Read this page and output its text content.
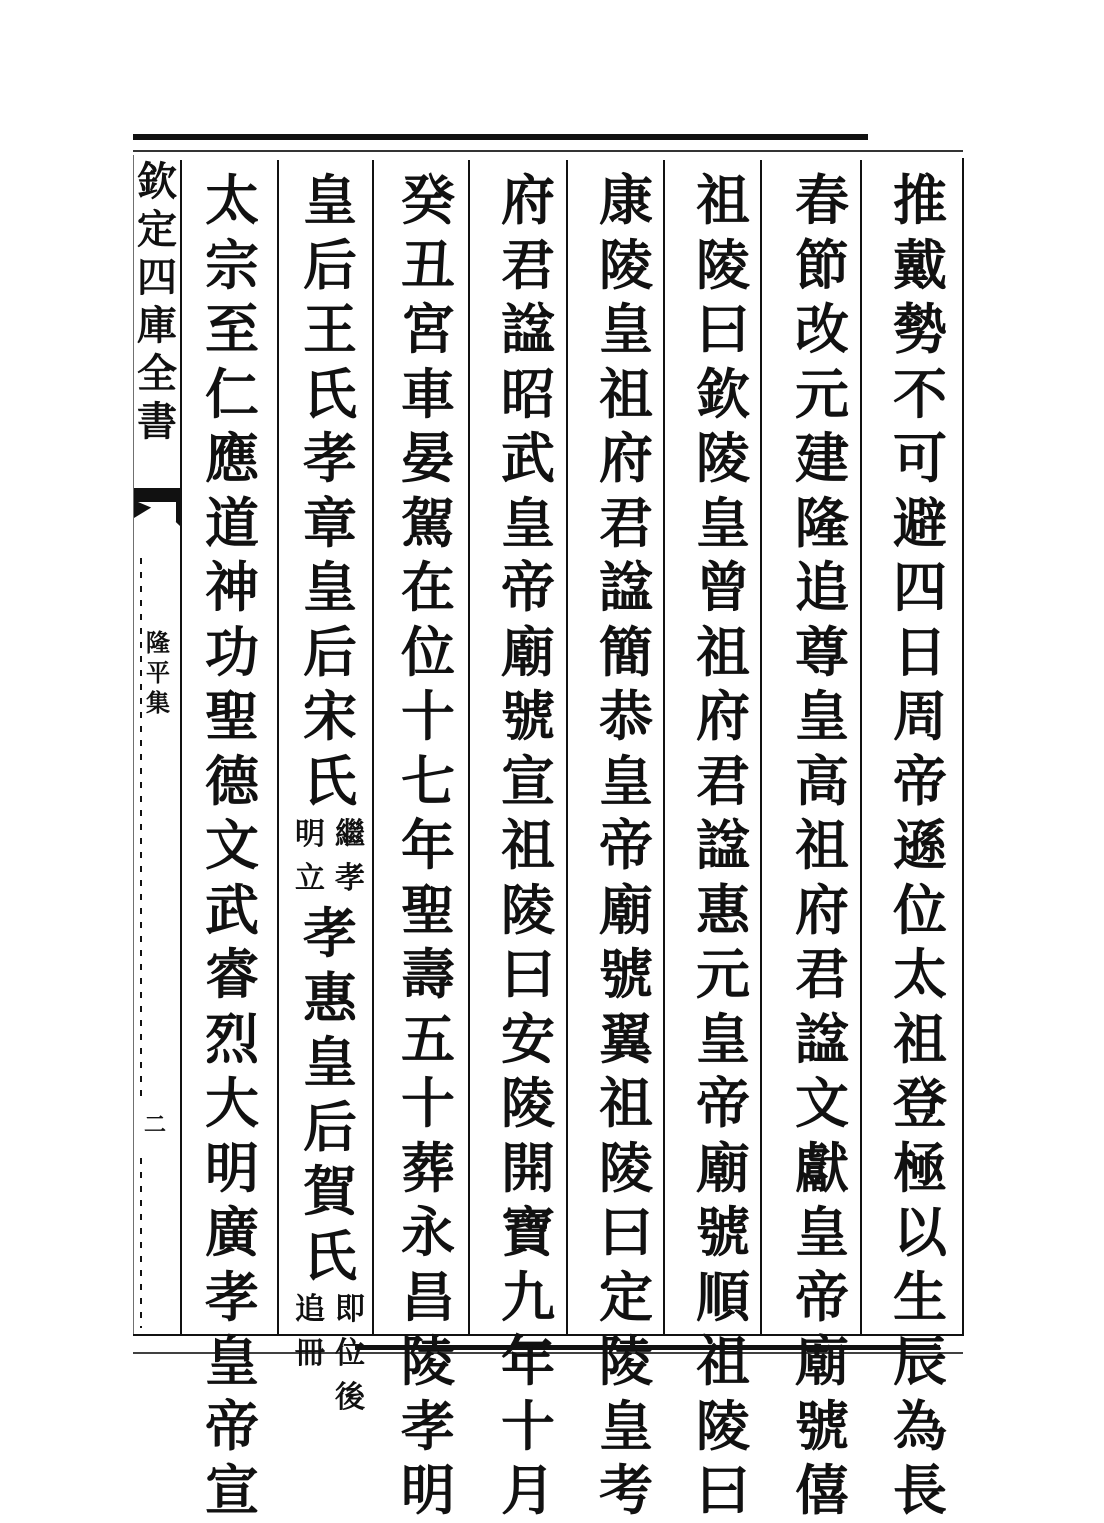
欽
定
四
庫
全
書
隆
平
集
二
推
戴
勢
不
可
避
四
日
周
帝
遜
位
太
祖
登
極
以
生
辰
為
長
春
節
改
元
建
隆
追
尊
皇
高
祖
府
君
諡
文
獻
皇
帝
廟
號
僖
祖
陵
曰
欽
陵
皇
曾
祖
府
君
諡
惠
元
皇
帝
廟
號
順
祖
陵
曰
康
陵
皇
祖
府
君
諡
簡
恭
皇
帝
廟
號
翼
祖
陵
曰
定
陵
皇
考
府
君
諡
昭
武
皇
帝
廟
號
宣
祖
陵
曰
安
陵
開
寶
九
年
十
月
癸
丑
宮
車
晏
駕
在
位
十
七
年
聖
壽
五
十
葬
永
昌
陵
孝
明
皇
后
王
氏
孝
章
皇
后
宋
氏
繼
孝
明
立
孝
惠
皇
后
賀
氏
即
位
後
追
冊
太
宗
至
仁
應
道
神
功
聖
德
文
武
睿
烈
大
明
廣
孝
皇
帝
宣
